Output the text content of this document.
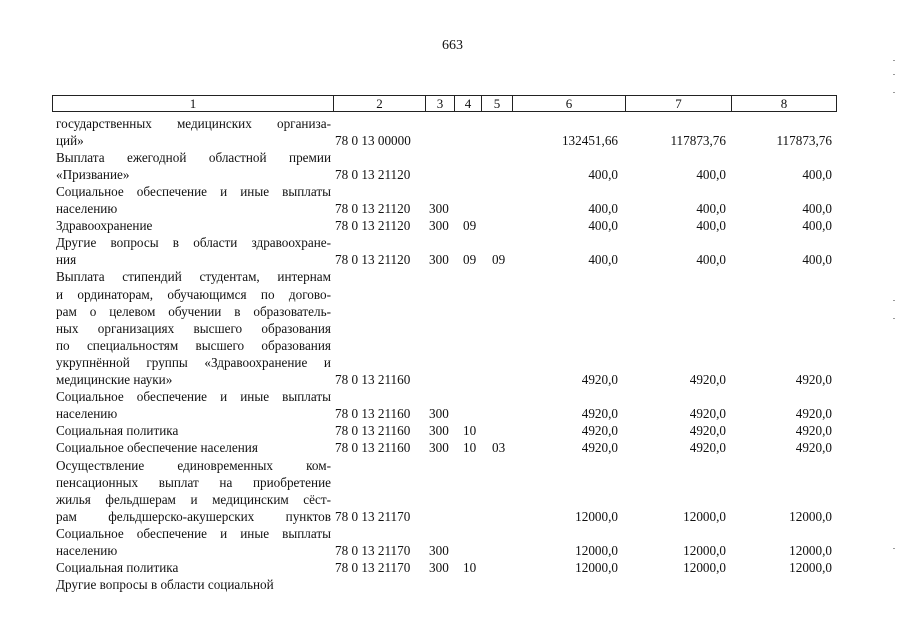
663
1	2	3	4	5	6	7	8
государственных медицинских организа-
ций»	78 0 13 00000	132451,66	117873,76	117873,76
Выплата ежегодной областной премии
«Призвание»	78 0 13 21120	400,0	400,0	400,0
Социальное обеспечение и иные выплаты
населению	78 0 13 21120 300	400,0	400,0	400,0
Здравоохранение	78 0 13 21120 300 09	400,0	400,0	400,0
Другие вопросы в области здравоохране-
ния	78 0 13 21120 300 09 09	400,0	400,0	400,0
Выплата стипендий студентам, интернам
и ординаторам, обучающимся по догово-
рам о целевом обучении в образователь-
ных организациях высшего образования
по специальностям высшего образования
укрупнённой группы «Здравоохранение и
медицинские науки»	78 0 13 21160	4920,0	4920,0	4920,0
Социальное обеспечение и иные выплаты
населению	78 0 13 21160 300	4920,0	4920,0	4920,0
Социальная политика	78 0 13 21160 300 10	4920,0	4920,0	4920,0
Социальное обеспечение населения	78 0 13 21160 300 10 03	4920,0	4920,0	4920,0
Осуществление единовременных ком-
пенсационных выплат на приобретение
жилья фельдшерам и медицинским сёст-
рам фельдшерско-акушерских пунктов 78 0 13 21170	12000,0	12000,0	12000,0
Социальное обеспечение и иные выплаты
населению	78 0 13 21170 300	12000,0	12000,0	12000,0
Социальная политика	78 0 13 21170 300 10	12000,0	12000,0	12000,0
Другие вопросы в области социальной
